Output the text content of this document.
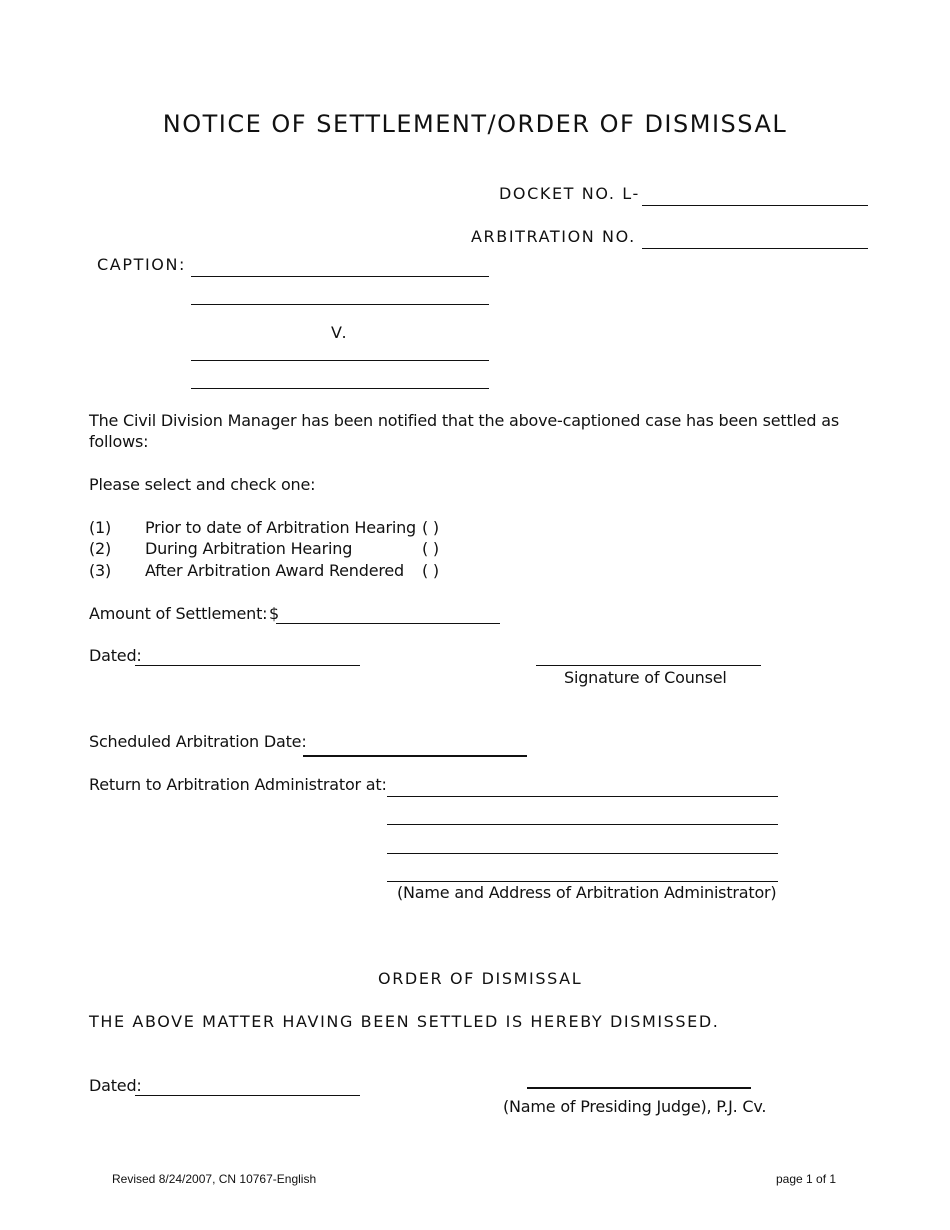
NOTICE OF SETTLEMENT/ORDER OF DISMISSAL
DOCKET NO. L-
ARBITRATION NO.
CAPTION:
V.
The Civil Division Manager has been notified that the above-captioned case has been settled as
follows:
Please select and check one:
(1) Prior to date of Arbitration Hearing ( )
(2) During Arbitration Hearing	( )
(3) After Arbitration Award Rendered ( )
Amount of Settlement: $
Dated:
Signature of Counsel
Scheduled Arbitration Date:
Return to Arbitration Administrator at:
(Name and Address of Arbitration Administrator)
ORDER OF DISMISSAL
THE ABOVE MATTER HAVING BEEN SETTLED IS HEREBY DISMISSED.
Dated:
(Name of Presiding Judge), P.J. Cv.
Revised 8/24/2007, CN 10767-English	page 1 of 1
